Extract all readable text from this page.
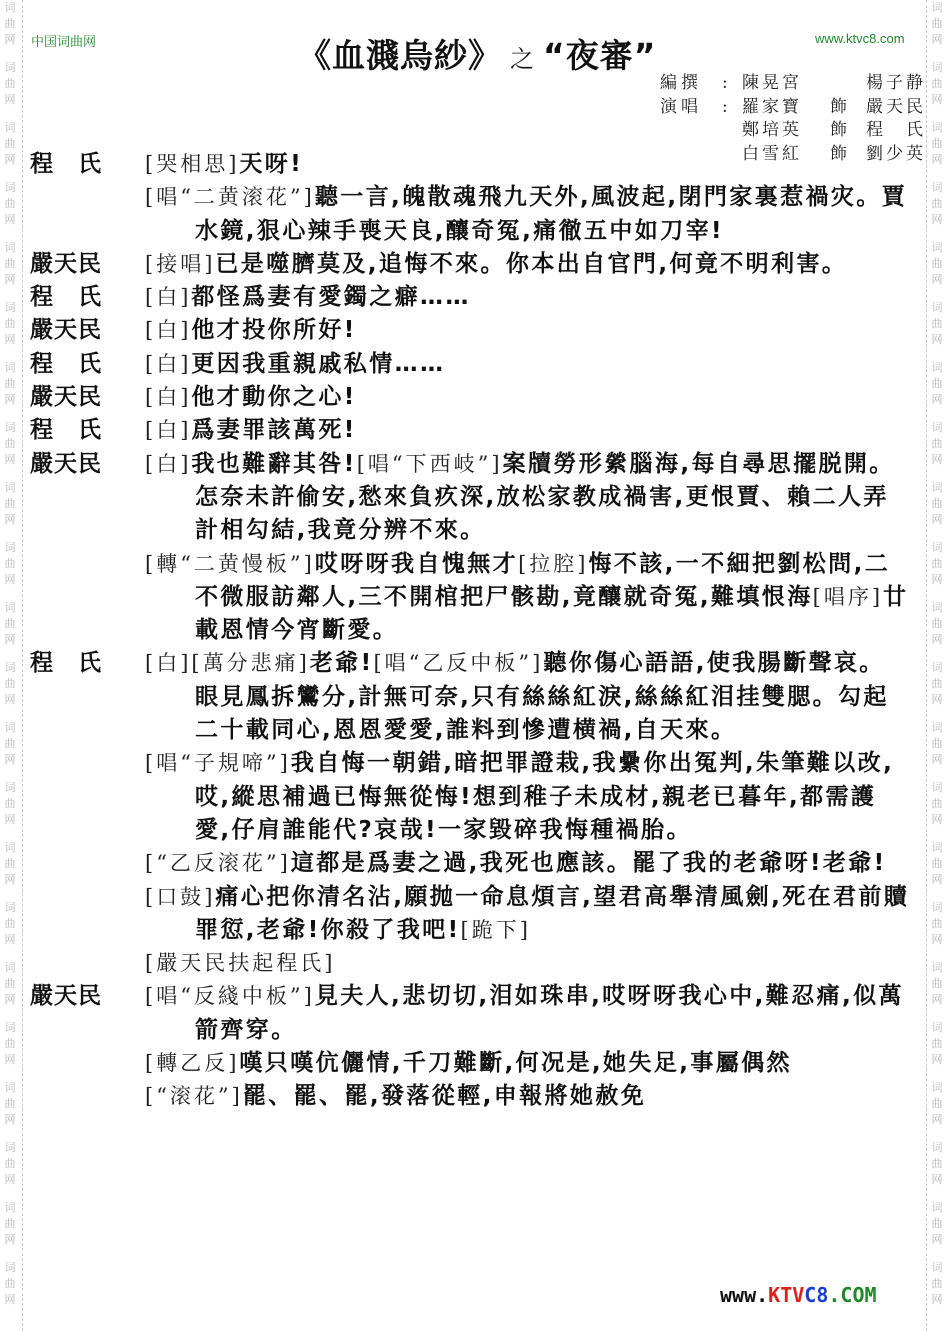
词
曲
网
词
曲
网
词
曲
网
词
曲
网
词
曲
网
词
曲
网
词
曲
网
词
曲
网
词
曲
网
词
曲
网
词
曲
网
词
曲
网
词
曲
网
词
曲
网
词
曲
网
词
曲
网
词
曲
网
词
曲
网
词
曲
网
词
曲
网
词
曲
网
词
曲
网
词
曲
网
词
曲
网
词
曲
网
词
曲
网
词
曲
网
词
曲
网
词
曲
网
词
曲
网
词
曲
网
词
曲
网
词
曲
网
词
曲
网
词
曲
网
词
曲
网
词
曲
网
词
曲
网
词
曲
网
词
曲
网
词
曲
网
词
曲
网
词
曲
网
词
曲
网
中国词曲网	www.ktvc8.com
《血濺烏紗》 之 “夜審”
編撰	: 陳晃宮	楊子静
演唱	: 羅家寶	飾	嚴天民
鄭培英	飾	程　氏
白雪紅	飾	劉少英
程　氏	[哭相思]天呀!
[唱“二黄滚花”]聽一言,魄散魂飛九天外,風波起,閉門家裏惹禍灾。賈水鏡,狠心辣手喪天良,釀奇冤,痛徹五中如刀宰!
嚴天民	[接唱]已是噬臍莫及,追悔不來。你本出自官門,何竟不明利害。
程　氏	[白]都怪爲妻有愛鐲之癖……
嚴天民	[白]他才投你所好!
程　氏	[白]更因我重親戚私情……
嚴天民	[白]他才動你之心!
程　氏	[白]爲妻罪該萬死!
嚴天民	[白]我也難辭其咎![唱“下西岐”]案牘勞形縈腦海,每自尋思擺脱開。怎奈未許偷安,愁來負疚深,放松家教成禍害,更恨賈、賴二人弄計相勾結,我竟分辨不來。
[轉“二黄慢板”]哎呀呀我自愧無才[拉腔]悔不該,一不細把劉松問,二不微服訪鄰人,三不開棺把尸骸勘,竟釀就奇冤,難填恨海[唱序]廿載恩情今宵斷愛。
程　氏	[白][萬分悲痛]老爺![唱“乙反中板”]聽你傷心語語,使我腸斷聲哀。眼見鳳拆鸞分,計無可奈,只有絲絲紅淚,絲絲紅泪挂雙腮。勾起二十載同心,恩恩愛愛,誰料到慘遭横禍,自天來。
[唱“子規啼”]我自悔一朝錯,暗把罪證栽,我纍你出冤判,朱筆難以改,哎,縱思補過已悔無從悔!想到稚子未成材,親老已暮年,都需護愛,仔肩誰能代?哀哉!一家毀碎我悔種禍胎。
[“乙反滚花”]這都是爲妻之過,我死也應該。罷了我的老爺呀!老爺!
[口鼓]痛心把你清名沾,願抛一命息煩言,望君高舉清風劍,死在君前贖罪愆,老爺!你殺了我吧![跪下]
[嚴天民扶起程氏]
嚴天民	[唱“反綫中板”]見夫人,悲切切,泪如珠串,哎呀呀我心中,難忍痛,似萬箭齊穿。
[轉乙反]嘆只嘆伉儷情,千刀難斷,何况是,她失足,事屬偶然
[“滚花”]罷、罷、罷,發落從輕,申報將她赦免
www.KTVC8.COM
